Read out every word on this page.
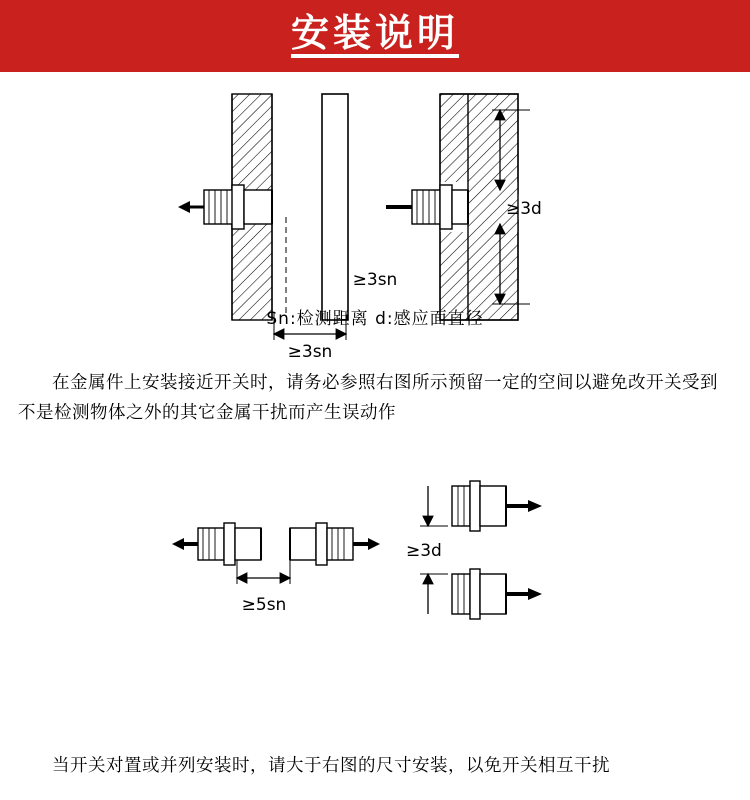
安装说明
≥3sn
≥3d
Sn:检测距离 d:感应面直径
≥3sn
在金属件上安装接近开关时，请务必参照右图所示预留一定的空间以避免改开关受到不是检测物体之外的其它金属干扰而产生误动作
≥3d
≥5sn
当开关对置或并列安装时，请大于右图的尺寸安装，以免开关相互干扰
